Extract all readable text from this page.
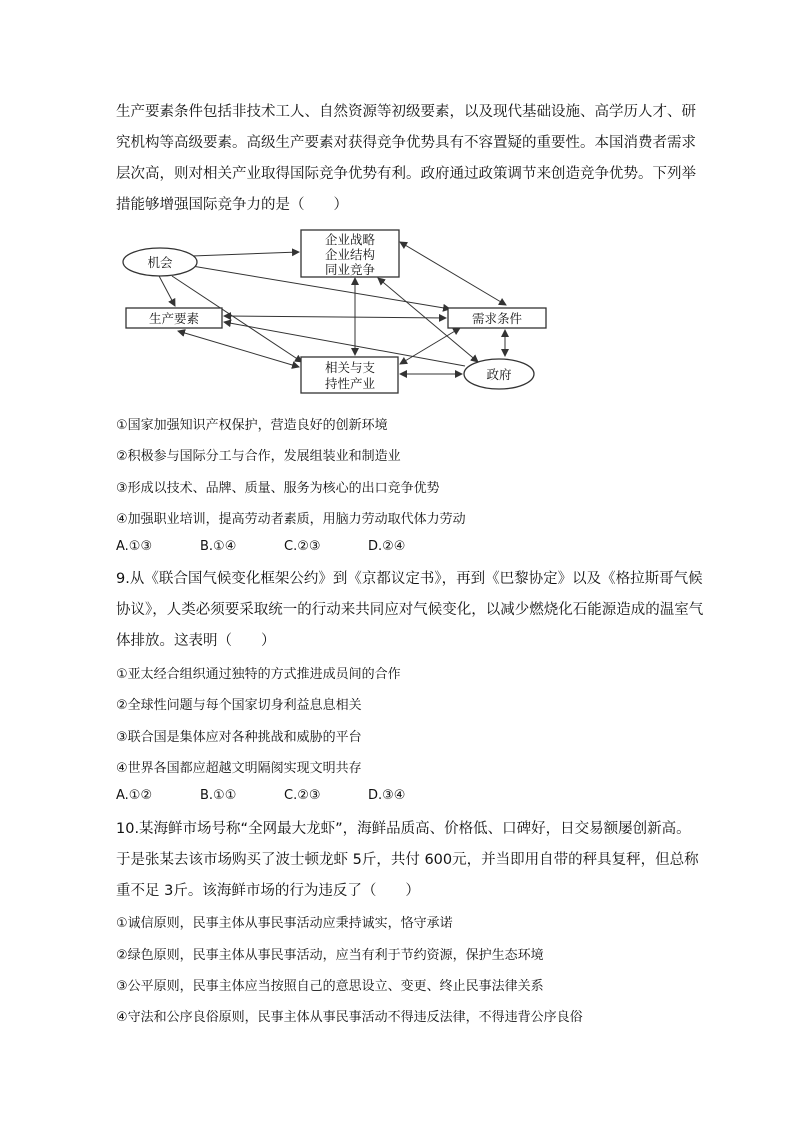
生产要素条件包括非技术工人、自然资源等初级要素，以及现代基础设施、高学历人才、研
究机构等高级要素。高级生产要素对获得竞争优势具有不容置疑的重要性。本国消费者需求
层次高，则对相关产业取得国际竞争优势有利。政府通过政策调节来创造竞争优势。下列举
措能够增强国际竞争力的是（　　）
企业战略
企业结构
同业竞争
机会
生产要素	需求条件
相关与支
持性产业
政府
①国家加强知识产权保护，营造良好的创新环境
②积极参与国际分工与合作，发展组装业和制造业
③形成以技术、品牌、质量、服务为核心的出口竞争优势
④加强职业培训，提高劳动者素质，用脑力劳动取代体力劳动
A.①③	B.①④	C.②③	D.②④
9.从《联合国气候变化框架公约》到《京都议定书》，再到《巴黎协定》以及《格拉斯哥气候
协议》，人类必须要采取统一的行动来共同应对气候变化，以减少燃烧化石能源造成的温室气
体排放。这表明（　　）
①亚太经合组织通过独特的方式推进成员间的合作
②全球性问题与每个国家切身利益息息相关
③联合国是集体应对各种挑战和威胁的平台
④世界各国都应超越文明隔阂实现文明共存
A.①②	B.①①	C.②③	D.③④
10.某海鲜市场号称“全网最大龙虾”，海鲜品质高、价格低、口碑好，日交易额屡创新高。
于是张某去该市场购买了波士顿龙虾 5斤，共付 600元，并当即用自带的秤具复秤，但总称
重不足 3斤。该海鲜市场的行为违反了（　　）
①诚信原则，民事主体从事民事活动应秉持诚实，恪守承诺
②绿色原则，民事主体从事民事活动，应当有利于节约资源，保护生态环境
③公平原则，民事主体应当按照自己的意思设立、变更、终止民事法律关系
④守法和公序良俗原则，民事主体从事民事活动不得违反法律，不得违背公序良俗
